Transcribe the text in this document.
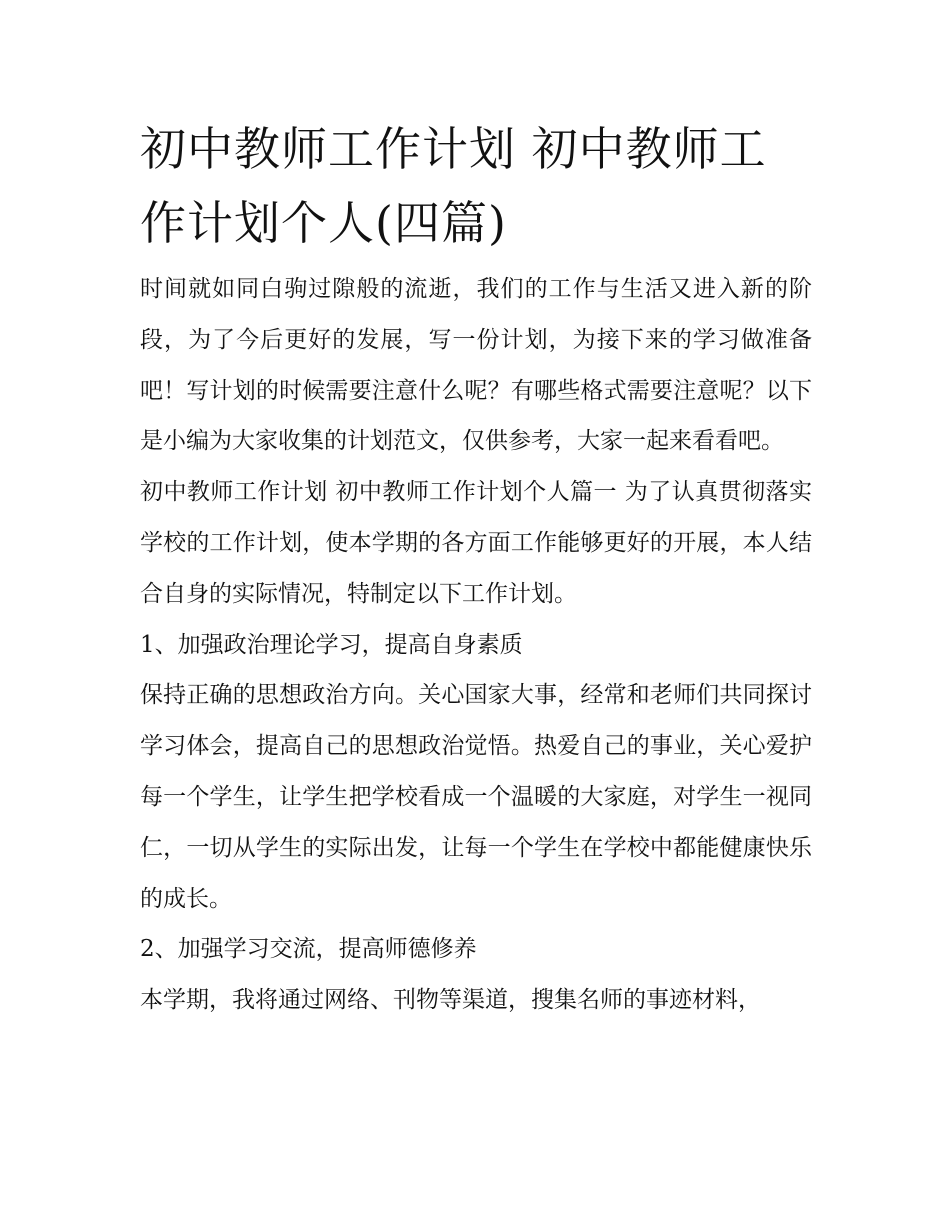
初中教师工作计划 初中教师工作计划个人(四篇)

时间就如同白驹过隙般的流逝，我们的工作与生活又进入新的阶段，为了今后更好的发展，写一份计划，为接下来的学习做准备吧！写计划的时候需要注意什么呢？有哪些格式需要注意呢？以下是小编为大家收集的计划范文，仅供参考，大家一起来看看吧。

初中教师工作计划 初中教师工作计划个人篇一 为了认真贯彻落实学校的工作计划，使本学期的各方面工作能够更好的开展，本人结合自身的实际情况，特制定以下工作计划。

1、加强政治理论学习，提高自身素质

保持正确的思想政治方向。关心国家大事，经常和老师们共同探讨学习体会，提高自己的思想政治觉悟。热爱自己的事业，关心爱护每一个学生，让学生把学校看成一个温暖的大家庭，对学生一视同仁，一切从学生的实际出发，让每一个学生在学校中都能健康快乐的成长。

2、加强学习交流，提高师德修养

本学期，我将通过网络、刊物等渠道，搜集名师的事迹材料，
